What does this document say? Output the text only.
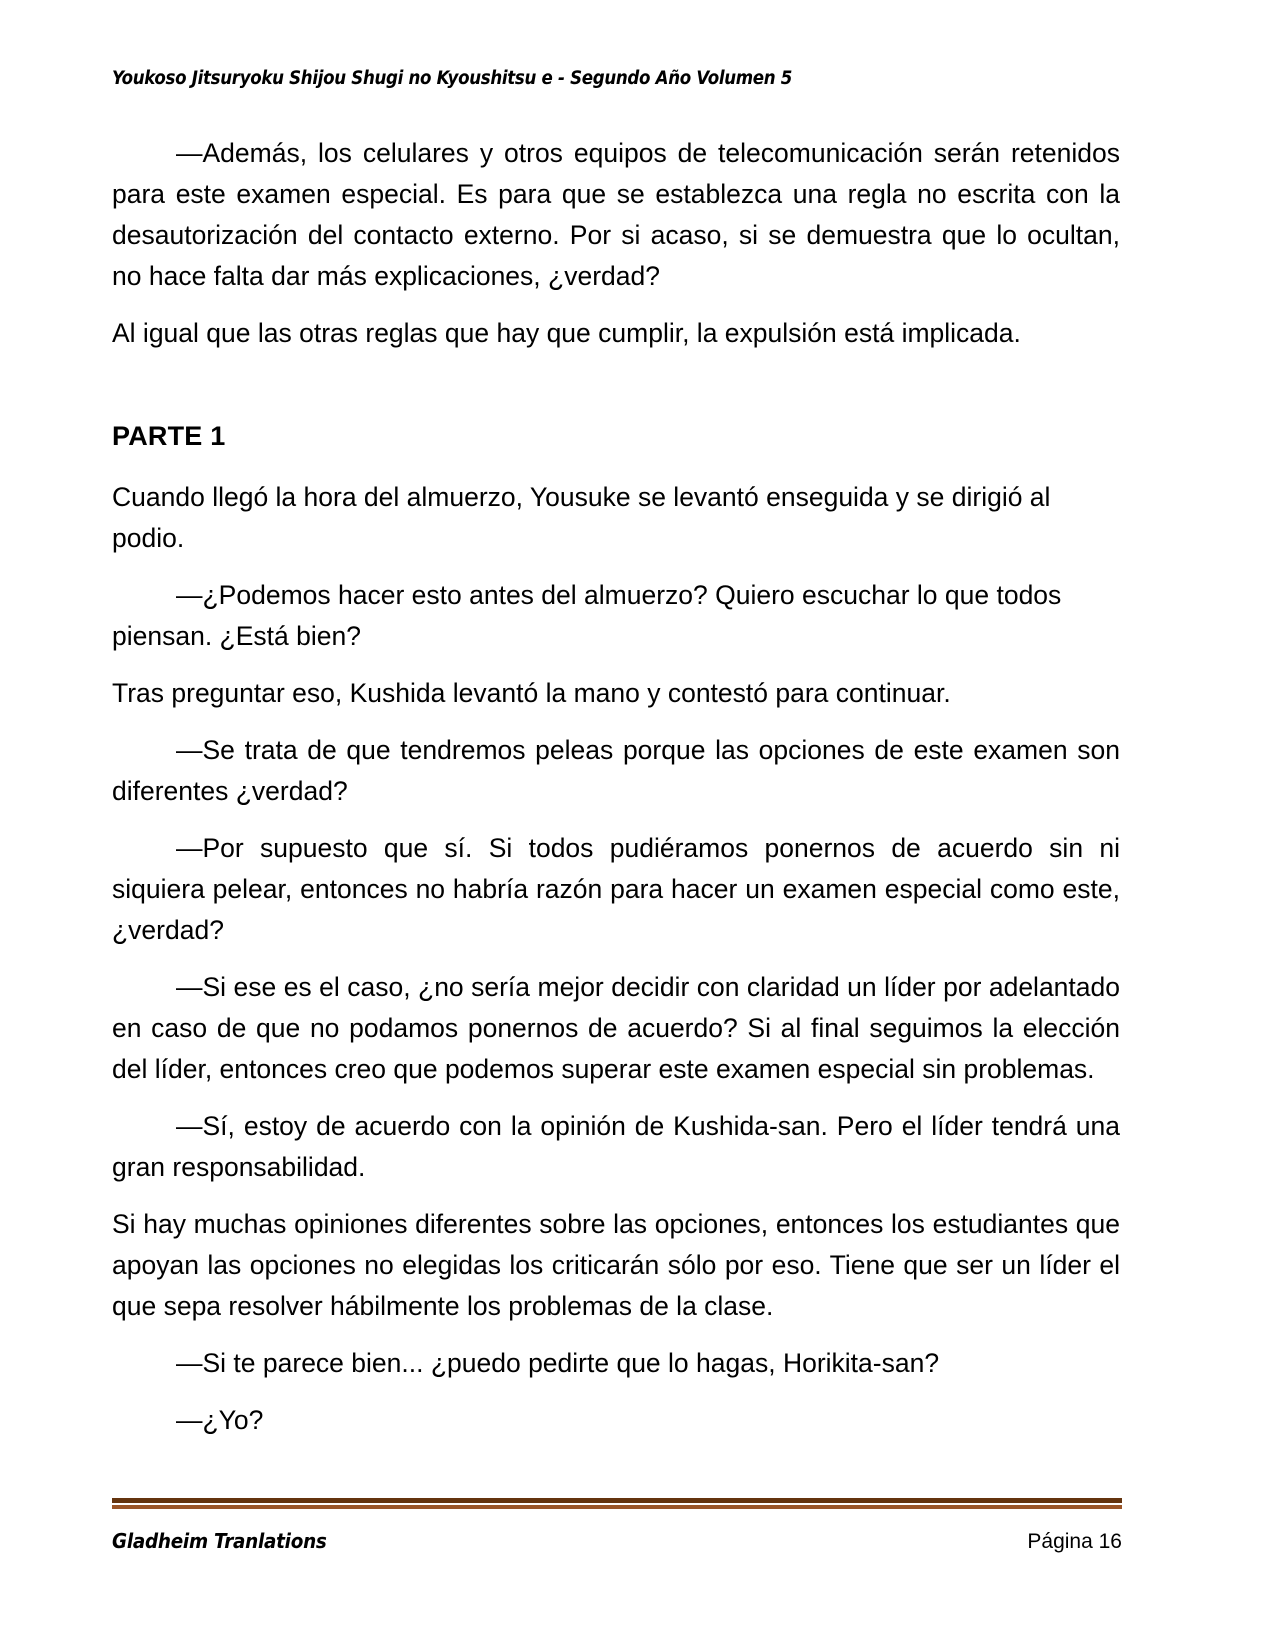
Youkoso Jitsuryoku Shijou Shugi no Kyoushitsu e - Segundo Año Volumen 5

—Además, los celulares y otros equipos de telecomunicación serán retenidos para este examen especial. Es para que se establezca una regla no escrita con la desautorización del contacto externo. Por si acaso, si se demuestra que lo ocultan, no hace falta dar más explicaciones, ¿verdad?

Al igual que las otras reglas que hay que cumplir, la expulsión está implicada.

PARTE 1

Cuando llegó la hora del almuerzo, Yousuke se levantó enseguida y se dirigió al podio.

—¿Podemos hacer esto antes del almuerzo? Quiero escuchar lo que todos piensan. ¿Está bien?

Tras preguntar eso, Kushida levantó la mano y contestó para continuar.

—Se trata de que tendremos peleas porque las opciones de este examen son diferentes ¿verdad?

—Por supuesto que sí. Si todos pudiéramos ponernos de acuerdo sin ni siquiera pelear, entonces no habría razón para hacer un examen especial como este, ¿verdad?

—Si ese es el caso, ¿no sería mejor decidir con claridad un líder por adelantado en caso de que no podamos ponernos de acuerdo? Si al final seguimos la elección del líder, entonces creo que podemos superar este examen especial sin problemas.

—Sí, estoy de acuerdo con la opinión de Kushida-san. Pero el líder tendrá una gran responsabilidad.

Si hay muchas opiniones diferentes sobre las opciones, entonces los estudiantes que apoyan las opciones no elegidas los criticarán sólo por eso. Tiene que ser un líder el que sepa resolver hábilmente los problemas de la clase.

—Si te parece bien... ¿puedo pedirte que lo hagas, Horikita-san?

—¿Yo?

Gladheim Tranlations	Página 16
